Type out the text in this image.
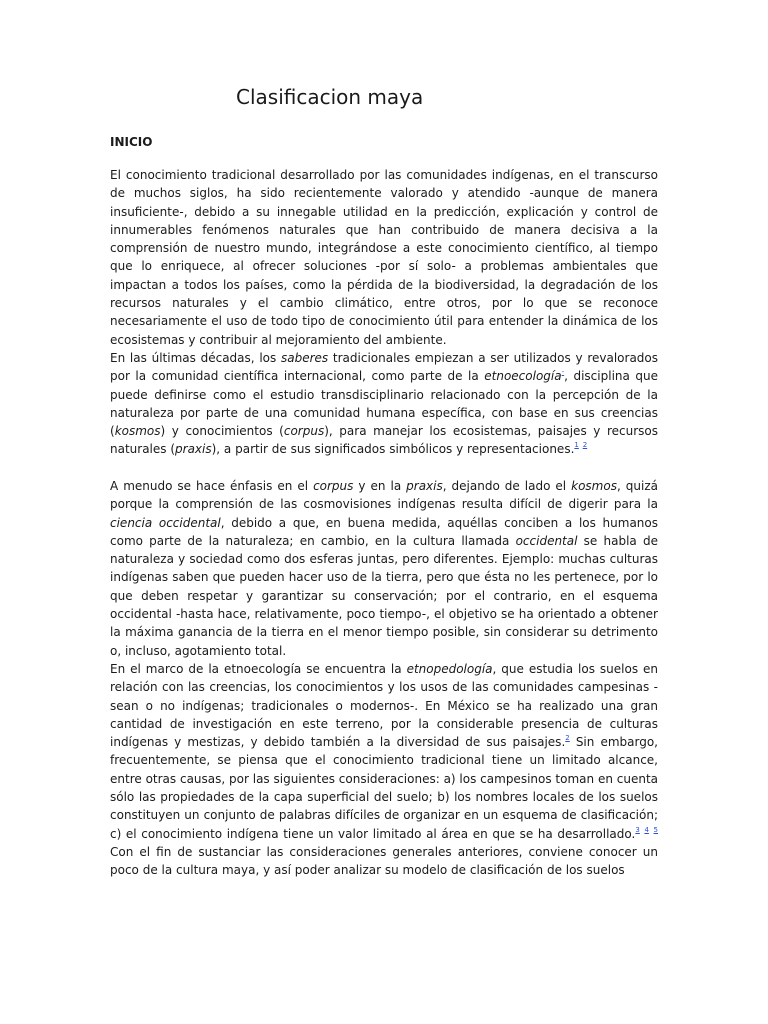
Clasificacion maya
INICIO

El conocimiento tradicional desarrollado por las comunidades indígenas, en el transcurso de muchos siglos, ha sido recientemente valorado y atendido -aunque de manera insuficiente-, debido a su innegable utilidad en la predicción, explicación y control de innumerables fenómenos naturales que han contribuido de manera decisiva a la comprensión de nuestro mundo, integrándose a este conocimiento científico, al tiempo que lo enriquece, al ofrecer soluciones -por sí solo- a problemas ambientales que impactan a todos los países, como la pérdida de la biodiversidad, la degradación de los recursos naturales y el cambio climático, entre otros, por lo que se reconoce necesariamente el uso de todo tipo de conocimiento útil para entender la dinámica de los ecosistemas y contribuir al mejoramiento del ambiente.

En las últimas décadas, los saberes tradicionales empiezan a ser utilizados y revalorados por la comunidad científica internacional, como parte de la etnoecología-, disciplina que puede definirse como el estudio transdisciplinario relacionado con la percepción de la naturaleza por parte de una comunidad humana específica, con base en sus creencias (kosmos) y conocimientos (corpus), para manejar los ecosistemas, paisajes y recursos naturales (praxis), a partir de sus significados simbólicos y representaciones.$^1$ $^2$

A menudo se hace énfasis en el corpus y en la praxis, dejando de lado el kosmos, quizá porque la comprensión de las cosmovisiones indígenas resulta difícil de digerir para la ciencia occidental, debido a que, en buena medida, aquéllas conciben a los humanos como parte de la naturaleza; en cambio, en la cultura llamada occidental se habla de naturaleza y sociedad como dos esferas juntas, pero diferentes. Ejemplo: muchas culturas indígenas saben que pueden hacer uso de la tierra, pero que ésta no les pertenece, por lo que deben respetar y garantizar su conservación; por el contrario, en el esquema occidental -hasta hace, relativamente, poco tiempo-, el objetivo se ha orientado a obtener la máxima ganancia de la tierra en el menor tiempo posible, sin considerar su detrimento o, incluso, agotamiento total.

En el marco de la etnoecología se encuentra la etnopedología, que estudia los suelos en relación con las creencias, los conocimientos y los usos de las comunidades campesinas -sean o no indígenas; tradicionales o modernos-. En México se ha realizado una gran cantidad de investigación en este terreno, por la considerable presencia de culturas indígenas y mestizas, y debido también a la diversidad de sus paisajes.$^2$ Sin embargo, frecuentemente, se piensa que el conocimiento tradicional tiene un limitado alcance, entre otras causas, por las siguientes consideraciones: a) los campesinos toman en cuenta sólo las propiedades de la capa superficial del suelo; b) los nombres locales de los suelos constituyen un conjunto de palabras difíciles de organizar en un esquema de clasificación; c) el conocimiento indígena tiene un valor limitado al área en que se ha desarrollado.$^3$ $^4$ $^5$ Con el fin de sustanciar las consideraciones generales anteriores, conviene conocer un poco de la cultura maya, y así poder analizar su modelo de clasificación de los suelos
